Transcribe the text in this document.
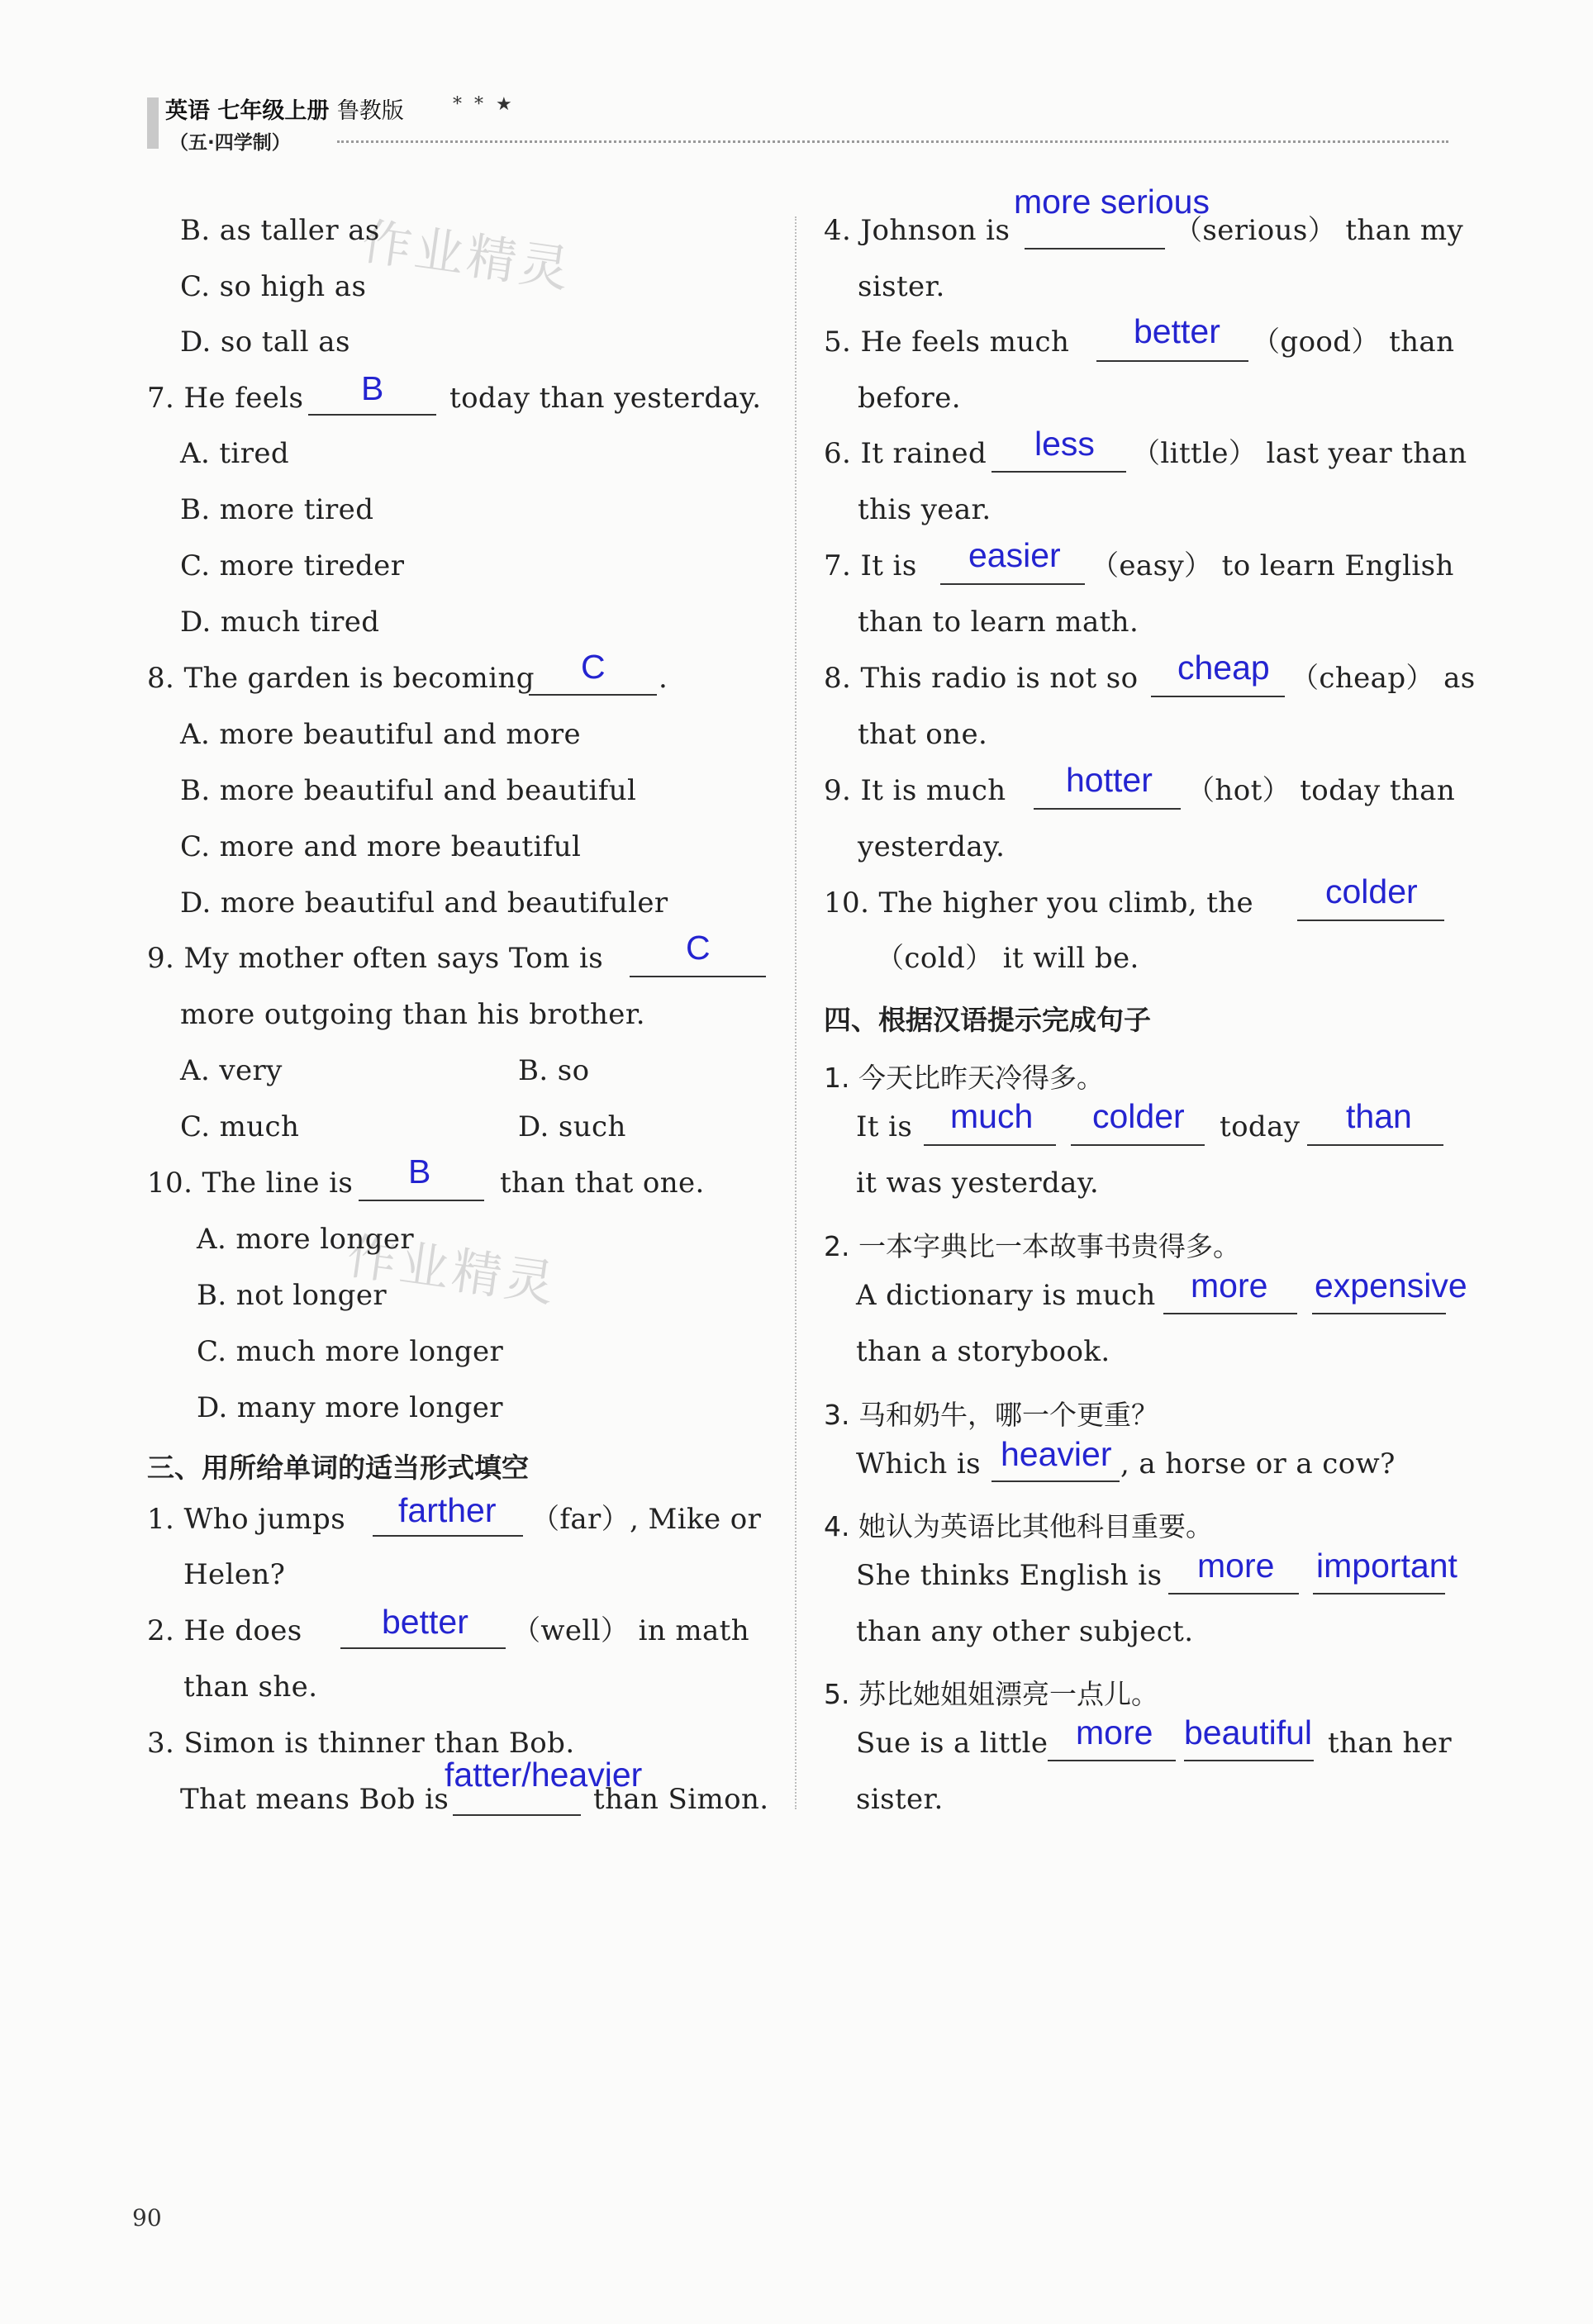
英语 七年级上册 鲁教版	* * ★
（五·四学制）
作业精灵
作业精灵
B. as taller as
C. so high as
D. so tall as
7. He feels B today than yesterday.
A. tired
B. more tired
C. more tireder
D. much tired
8. The garden is becoming C .
A. more beautiful and more
B. more beautiful and beautiful
C. more and more beautiful
D. more beautiful and beautifuler
9. My mother often says Tom is C
more outgoing than his brother.
A. very	B. so
C. much	D. such
10. The line is B than that one.
A. more longer
B. not longer
C. much more longer
D. many more longer
三、用所给单词的适当形式填空
1. Who jumps farther （far）, Mike or
Helen?
2. He does better （well） in math
than she.
3. Simon is thinner than Bob.
That means Bob is
fatter/heavier
than Simon.
more serious
4. Johnson is	（serious） than my
sister.
5. He feels much better （good） than
before.
6. It rained less （little） last year than
this year.
7. It is easier （easy） to learn English
than to learn math.
8. This radio is not so cheap （cheap） as
that one.
9. It is much hotter （hot） today than
yesterday.
10. The higher you climb, the colder
（cold） it will be.
四、根据汉语提示完成句子
1. 今天比昨天冷得多。
It is much colder today than
it was yesterday.
2. 一本字典比一本故事书贵得多。
A dictionary is much more expensive
than a storybook.
3. 马和奶牛，哪一个更重？
Which is heavier , a horse or a cow?
4. 她认为英语比其他科目重要。
She thinks English is more important
than any other subject.
5. 苏比她姐姐漂亮一点儿。
Sue is a little more beautiful than her
sister.
90
